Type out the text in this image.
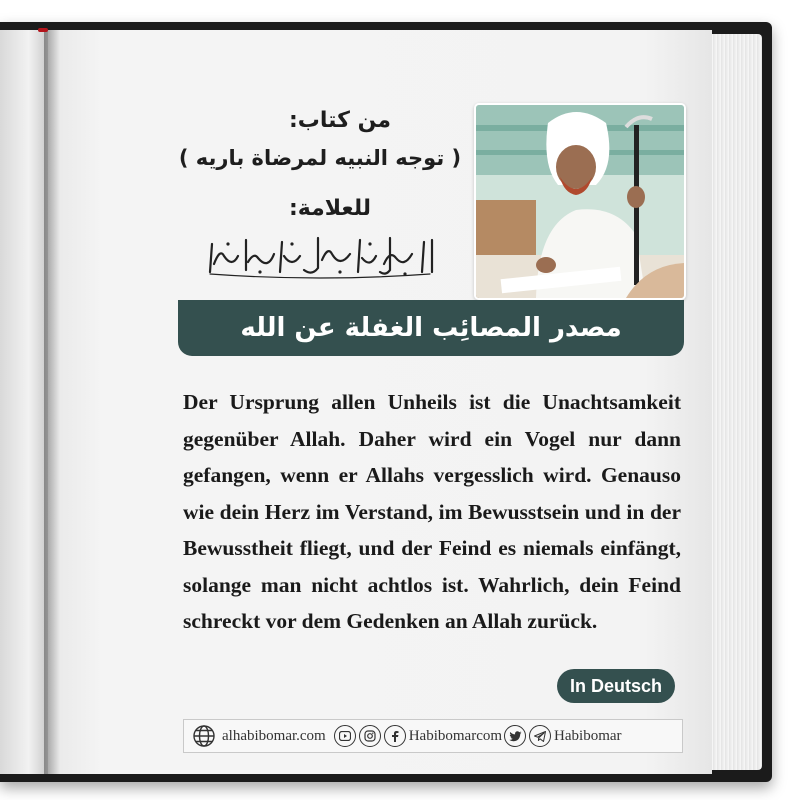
من كتاب:
( توجه النبيه لمرضاة باريه )
للعلامة:
مصدر المصائِب الغفلة عن الله
Der Ursprung allen Unheils ist die Unachtsamkeit gegenüber Allah. Daher wird ein Vogel nur dann gefangen, wenn er Allahs vergesslich wird. Genauso wie dein Herz im Verstand, im Bewusstsein und in der Bewusstheit fliegt, und der Feind es niemals einfängt, solange man nicht achtlos ist. Wahrlich, dein Feind schreckt vor dem Gedenken an Allah zurück.
In Deutsch
alhabibomar.com	Habibomarcom	Habibomar
